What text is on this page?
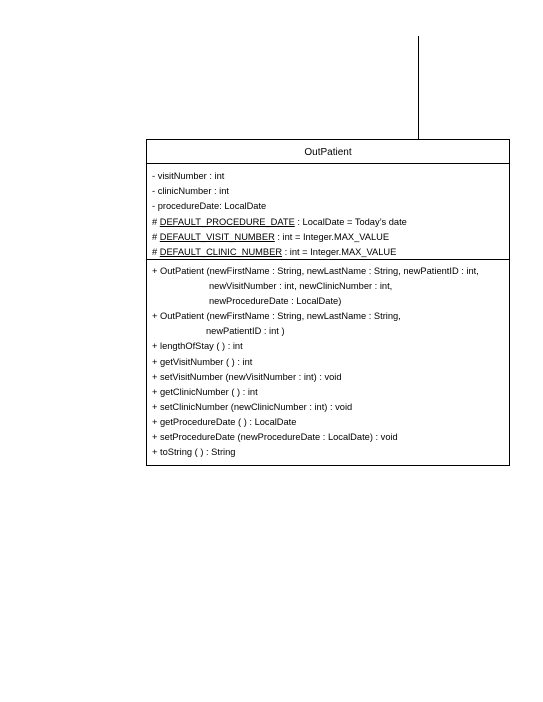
OutPatient
- visitNumber : int
- clinicNumber : int
- procedureDate: LocalDate
# DEFAULT_PROCEDURE_DATE : LocalDate = Today’s date
# DEFAULT_VISIT_NUMBER : int = Integer.MAX_VALUE
# DEFAULT_CLINIC_NUMBER : int = Integer.MAX_VALUE
+ OutPatient (newFirstName : String, newLastName : String, newPatientID : int,
newVisitNumber : int, newClinicNumber : int,
newProcedureDate : LocalDate)
+ OutPatient (newFirstName : String, newLastName : String,
newPatientID : int )
+ lengthOfStay ( ) : int
+ getVisitNumber ( ) : int
+ setVisitNumber (newVisitNumber : int) : void
+ getClinicNumber ( ) : int
+ setClinicNumber (newClinicNumber : int) : void
+ getProcedureDate ( ) : LocalDate
+ setProcedureDate (newProcedureDate : LocalDate) : void
+ toString ( ) : String
